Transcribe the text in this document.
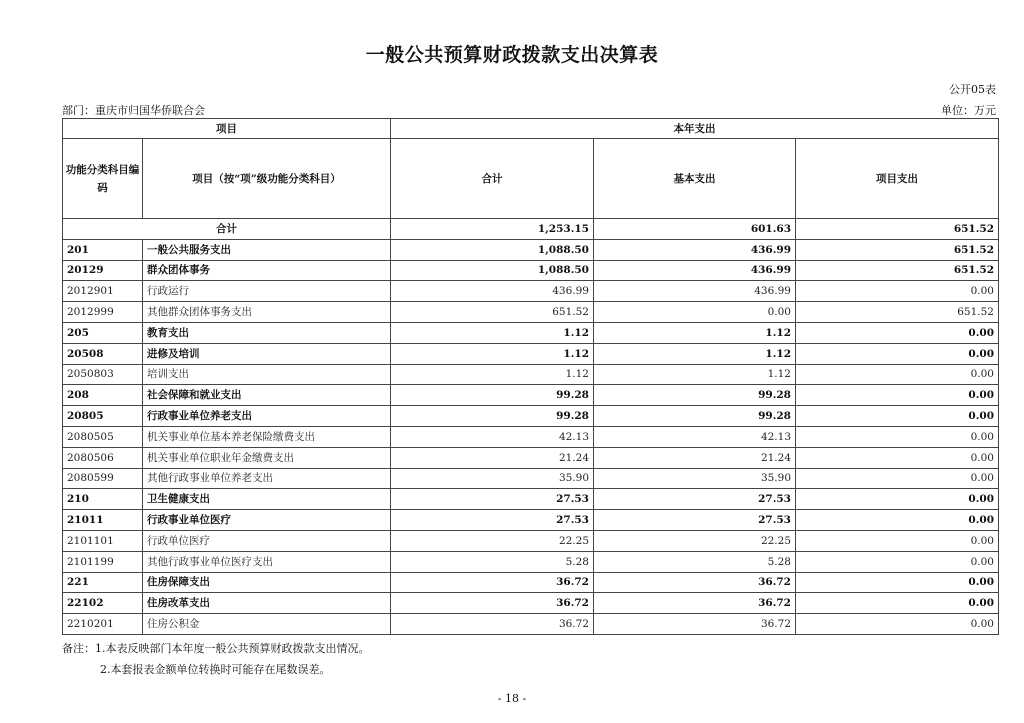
一般公共预算财政拨款支出决算表
公开05表
部门：重庆市归国华侨联合会	单位：万元
项目		本年支出		
功能分类科目编码	项目（按“项”级功能分类科目）	合计	基本支出	项目支出
合计		1,253.15	601.63	651.52
201	一般公共服务支出	1,088.50	436.99	651.52
20129	群众团体事务	1,088.50	436.99	651.52
2012901	行政运行	436.99	436.99	0.00
2012999	其他群众团体事务支出	651.52	0.00	651.52
205	教育支出	1.12	1.12	0.00
20508	进修及培训	1.12	1.12	0.00
2050803	培训支出	1.12	1.12	0.00
208	社会保障和就业支出	99.28	99.28	0.00
20805	行政事业单位养老支出	99.28	99.28	0.00
2080505	机关事业单位基本养老保险缴费支出	42.13	42.13	0.00
2080506	机关事业单位职业年金缴费支出	21.24	21.24	0.00
2080599	其他行政事业单位养老支出	35.90	35.90	0.00
210	卫生健康支出	27.53	27.53	0.00
21011	行政事业单位医疗	27.53	27.53	0.00
2101101	行政单位医疗	22.25	22.25	0.00
2101199	其他行政事业单位医疗支出	5.28	5.28	0.00
221	住房保障支出	36.72	36.72	0.00
22102	住房改革支出	36.72	36.72	0.00
2210201	住房公积金	36.72	36.72	0.00
备注：1.本表反映部门本年度一般公共预算财政拨款支出情况。
2.本套报表金额单位转换时可能存在尾数误差。
- 18 -
